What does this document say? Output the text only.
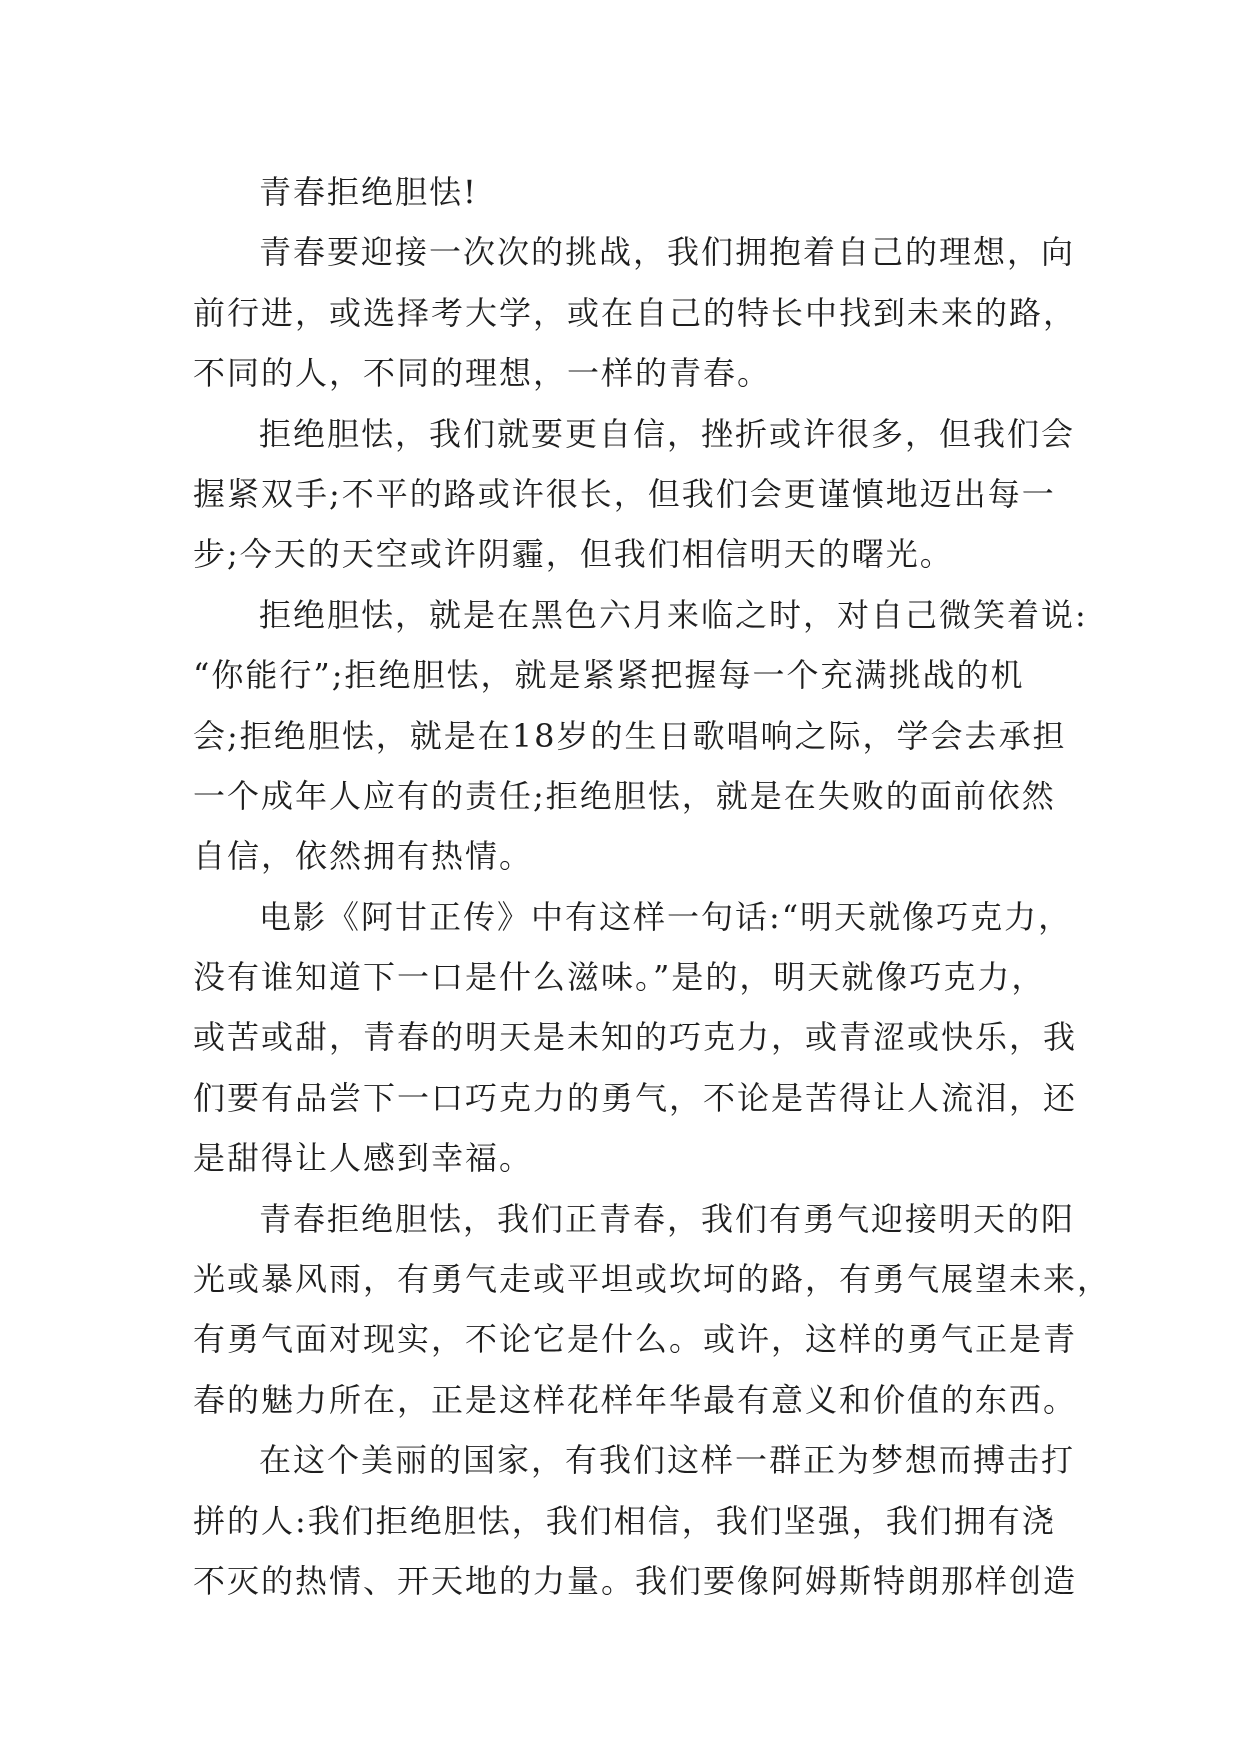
青春拒绝胆怯!
青春要迎接一次次的挑战，我们拥抱着自己的理想，向
前行进，或选择考大学，或在自己的特长中找到未来的路，
不同的人，不同的理想，一样的青春。
拒绝胆怯，我们就要更自信，挫折或许很多，但我们会
握紧双手;不平的路或许很长，但我们会更谨慎地迈出每一
步;今天的天空或许阴霾，但我们相信明天的曙光。
拒绝胆怯，就是在黑色六月来临之时，对自己微笑着说:
“你能行”;拒绝胆怯，就是紧紧把握每一个充满挑战的机
会;拒绝胆怯，就是在18岁的生日歌唱响之际，学会去承担
一个成年人应有的责任;拒绝胆怯，就是在失败的面前依然
自信，依然拥有热情。
电影《阿甘正传》中有这样一句话:“明天就像巧克力，
没有谁知道下一口是什么滋味。”是的，明天就像巧克力，
或苦或甜，青春的明天是未知的巧克力，或青涩或快乐，我
们要有品尝下一口巧克力的勇气，不论是苦得让人流泪，还
是甜得让人感到幸福。
青春拒绝胆怯，我们正青春，我们有勇气迎接明天的阳
光或暴风雨，有勇气走或平坦或坎坷的路，有勇气展望未来，
有勇气面对现实，不论它是什么。或许，这样的勇气正是青
春的魅力所在，正是这样花样年华最有意义和价值的东西。
在这个美丽的国家，有我们这样一群正为梦想而搏击打
拼的人:我们拒绝胆怯，我们相信，我们坚强，我们拥有浇
不灭的热情、开天地的力量。我们要像阿姆斯特朗那样创造
